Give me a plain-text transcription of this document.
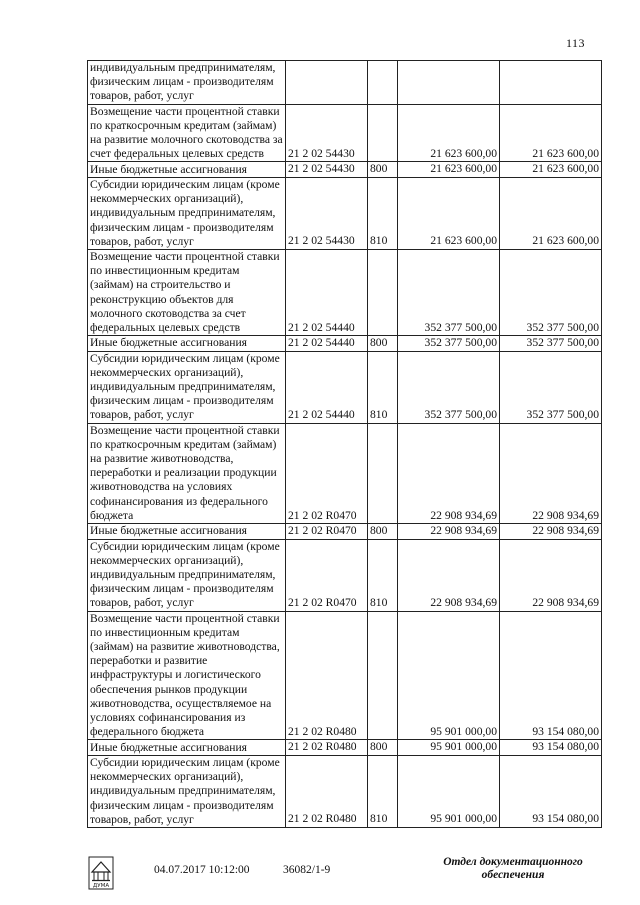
113
индивидуальным предпринимателям, физическим лицам - производителям товаров, работ, услуг				
Возмещение части процентной ставки по краткосрочным кредитам (займам) на развитие молочного скотоводства за счет федеральных целевых средств	21 2 02 54430		21 623 600,00	21 623 600,00
Иные бюджетные ассигнования	21 2 02 54430	800	21 623 600,00	21 623 600,00
Субсидии юридическим лицам (кроме некоммерческих организаций), индивидуальным предпринимателям, физическим лицам - производителям товаров, работ, услуг	21 2 02 54430	810	21 623 600,00	21 623 600,00
Возмещение части процентной ставки по инвестиционным кредитам (займам) на строительство и реконструкцию объектов для молочного скотоводства за счет федеральных целевых средств	21 2 02 54440		352 377 500,00	352 377 500,00
Иные бюджетные ассигнования	21 2 02 54440	800	352 377 500,00	352 377 500,00
Субсидии юридическим лицам (кроме некоммерческих организаций), индивидуальным предпринимателям, физическим лицам - производителям товаров, работ, услуг	21 2 02 54440	810	352 377 500,00	352 377 500,00
Возмещение части процентной ставки по краткосрочным кредитам (займам) на развитие животноводства, переработки и реализации продукции животноводства на условиях софинансирования из федерального бюджета	21 2 02 R0470		22 908 934,69	22 908 934,69
Иные бюджетные ассигнования	21 2 02 R0470	800	22 908 934,69	22 908 934,69
Субсидии юридическим лицам (кроме некоммерческих организаций), индивидуальным предпринимателям, физическим лицам - производителям товаров, работ, услуг	21 2 02 R0470	810	22 908 934,69	22 908 934,69
Возмещение части процентной ставки по инвестиционным кредитам (займам) на развитие животноводства, переработки и развитие инфраструктуры и логистического обеспечения рынков продукции животноводства, осуществляемое на условиях софинансирования из федерального бюджета	21 2 02 R0480		95 901 000,00	93 154 080,00
Иные бюджетные ассигнования	21 2 02 R0480	800	95 901 000,00	93 154 080,00
Субсидии юридическим лицам (кроме некоммерческих организаций), индивидуальным предпринимателям, физическим лицам - производителям товаров, работ, услуг	21 2 02 R0480	810	95 901 000,00	93 154 080,00
ДУМА
04.07.2017 10:12:00	36082/1-9
Отдел документационного обеспечения
